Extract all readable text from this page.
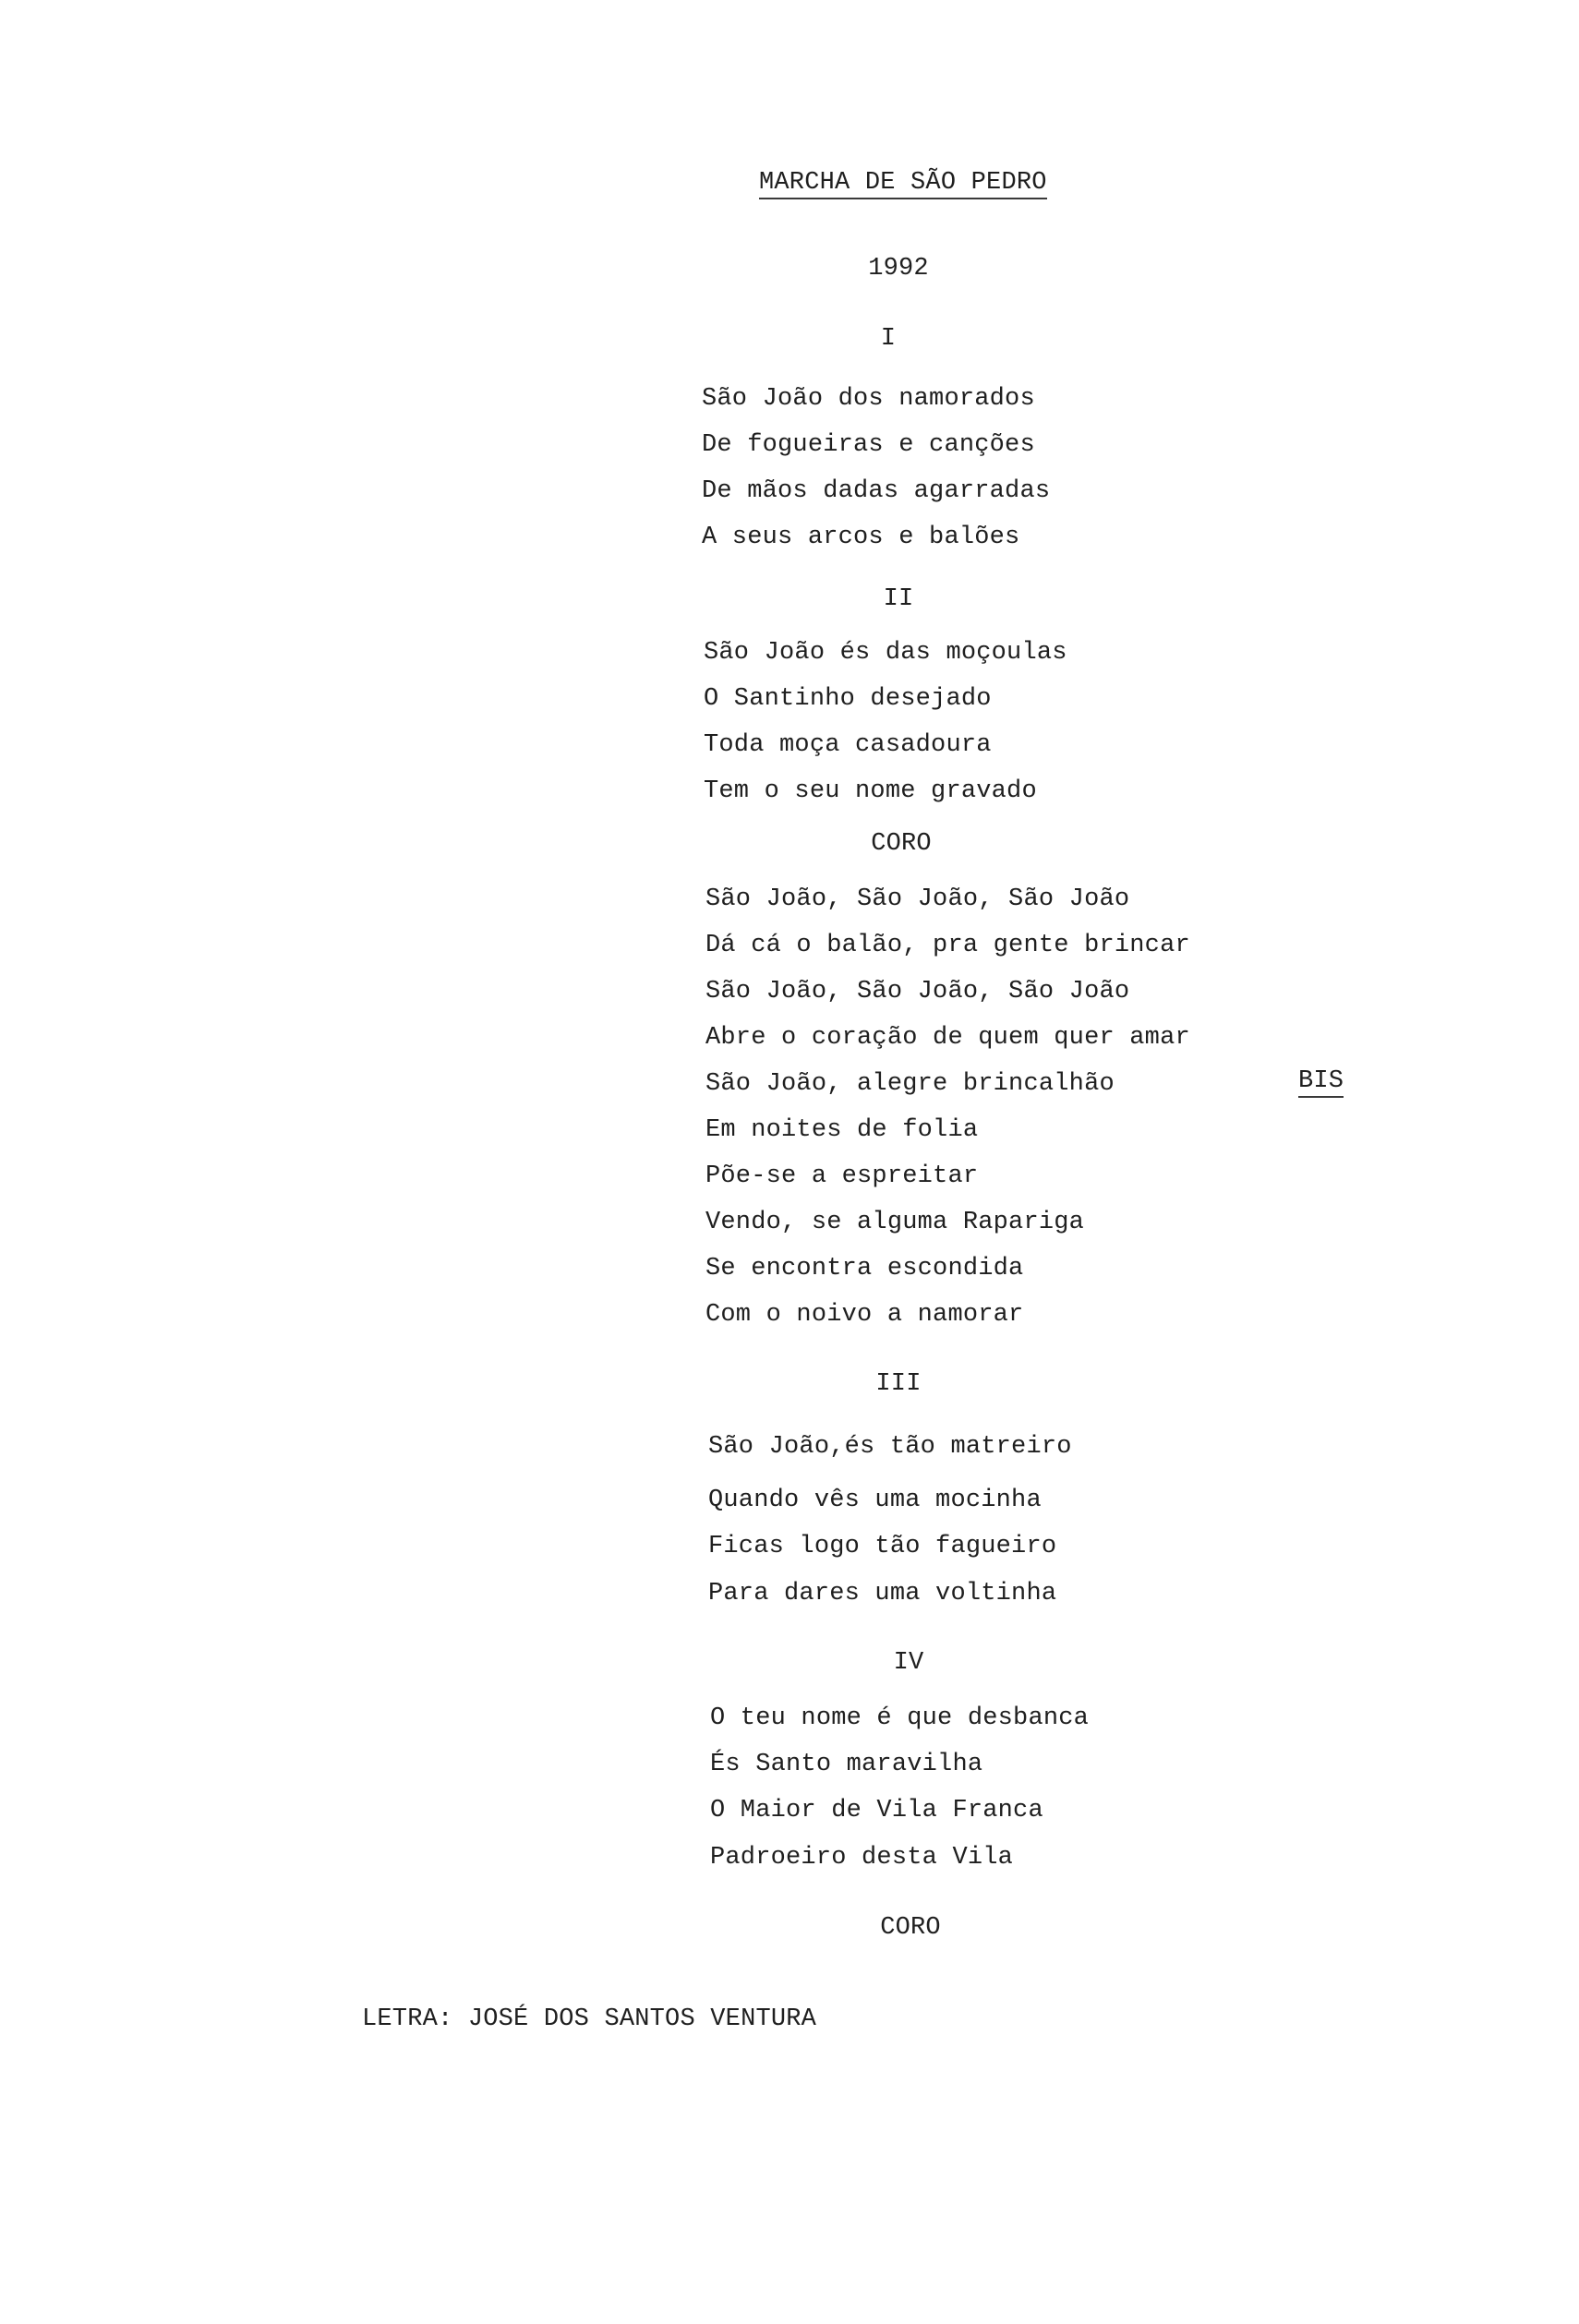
MARCHA DE SÃO PEDRO
1992
I
São João dos namorados
De fogueiras e canções
De mãos dadas agarradas
A seus arcos e balões
II
São João és das moçoulas
O Santinho desejado
Toda moça casadoura
Tem o seu nome gravado
CORO
São João, São João, São João
Dá cá o balão, pra gente brincar
São João, São João, São João
Abre o coração de quem quer amar
São João, alegre brincalhão	BIS
Em noites de folia
Põe-se a espreitar
Vendo, se alguma Rapariga
Se encontra escondida
Com o noivo a namorar
III
São João,és tão matreiro
Quando vês uma mocinha
Ficas logo tão fagueiro
Para dares uma voltinha
IV
O teu nome é que desbanca
És Santo maravilha
O Maior de Vila Franca
Padroeiro desta Vila
CORO
LETRA: JOSÉ DOS SANTOS VENTURA
